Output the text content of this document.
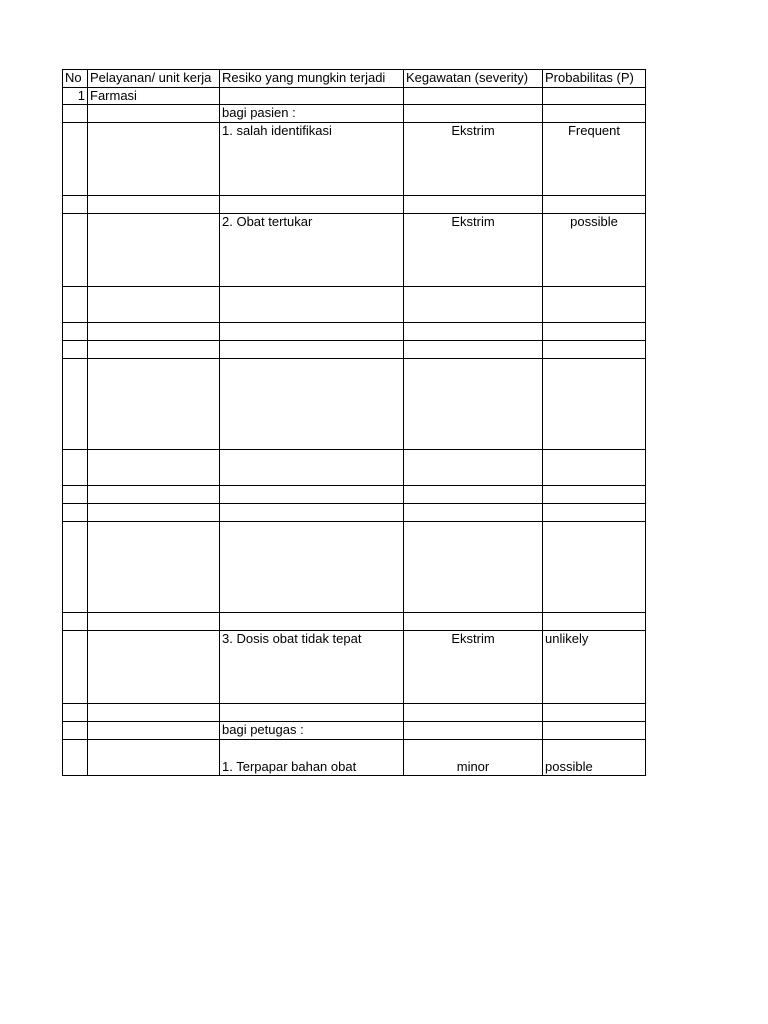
No	Pelayanan/ unit kerja	Resiko yang mungkin terjadi	Kegawatan (severity)	Probabilitas (P)
1	Farmasi			
		bagi pasien :		
		1. salah identifikasi	Ekstrim	Frequent

		2. Obat tertukar	Ekstrim	possible

		3. Dosis obat tidak tepat	Ekstrim	unlikely

		bagi petugas :		
		1. Terpapar bahan obat	minor	possible
